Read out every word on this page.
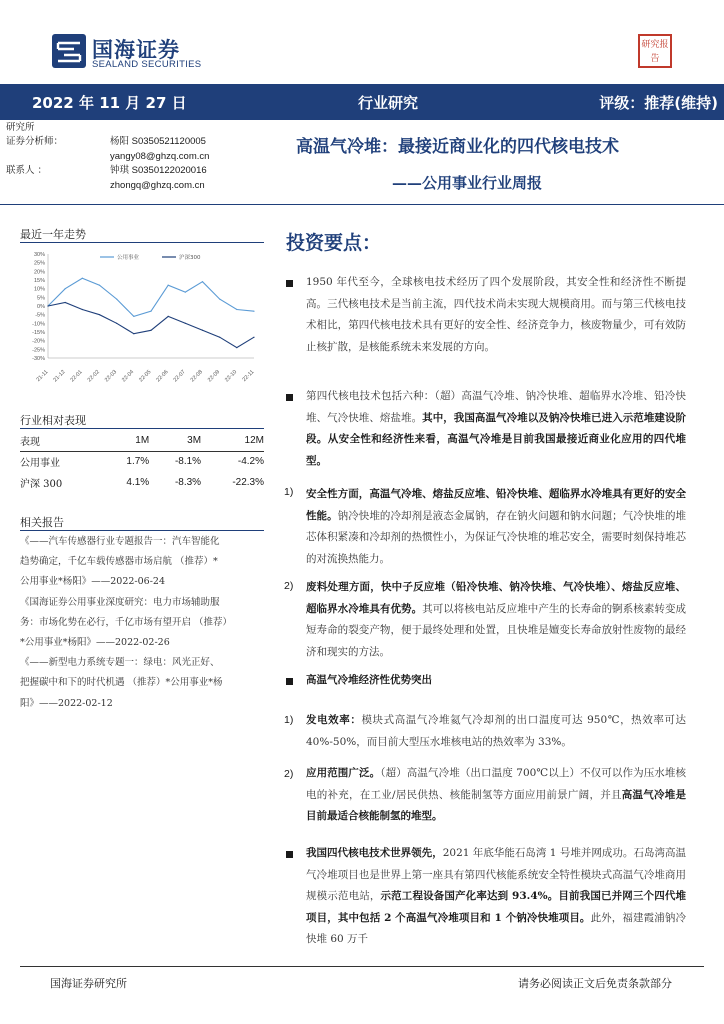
国海证券
SEALAND SECURITIES
研究报告
2022 年 11 月 27 日	行业研究	评级：推荐(维持)
研究所
证券分析师：	杨阳 S0350521120005
yangy08@ghzq.com.cn
联系人 ：	钟琪 S0350122020016
zhongq@ghzq.com.cn
高温气冷堆：最接近商业化的四代核电技术
——公用事业行业周报
最近一年走势
30%
25%
20%
15%
10%
5%
0%
-5%
-10%
-15%
-20%
-25%
-30%
21-11 21-12 22-01 22-02 22-03 22-04 22-05 22-06 22-07 22-08 22-09 22-10 22-11
公用事业	沪深300
行业相对表现
表现	1M	3M	12M
公用事业	1.7%	-8.1%	-4.2%
沪深 300	4.1%	-8.3%	-22.3%
相关报告
《——汽车传感器行业专题报告一：汽车智能化
趋势确定，千亿车载传感器市场启航 （推荐）*
公用事业*杨阳》——2022-06-24
《国海证券公用事业深度研究：电力市场辅助服
务：市场化势在必行，千亿市场有望开启 （推荐）
*公用事业*杨阳》——2022-02-26
《——新型电力系统专题一：绿电：风光正好、
把握碳中和下的时代机遇 （推荐）*公用事业*杨
阳》——2022-02-12
投资要点：
1950 年代至今，全球核电技术经历了四个发展阶段，其安全性和经济性不断提高。三代核电技术是当前主流，四代技术尚未实现大规模商用。而与第三代核电技术相比，第四代核电技术具有更好的安全性、经济竞争力，核废物量少，可有效防止核扩散，是核能系统未来发展的方向。
第四代核电技术包括六种：（超）高温气冷堆、钠冷快堆、超临界水冷堆、铅冷快堆、气冷快堆、熔盐堆。其中，我国高温气冷堆以及钠冷快堆已进入示范堆建设阶段。从安全性和经济性来看，高温气冷堆是目前我国最接近商业化应用的四代堆型。
1) 安全性方面，高温气冷堆、熔盐反应堆、铅冷快堆、超临界水冷堆具有更好的安全性能。钠冷快堆的冷却剂是液态金属钠，存在钠火问题和钠水问题；气冷快堆的堆芯体积紧凑和冷却剂的热惯性小，为保证气冷快堆的堆芯安全，需要时刻保持堆芯的对流换热能力。
2) 废料处理方面，快中子反应堆（铅冷快堆、钠冷快堆、气冷快堆）、熔盐反应堆、超临界水冷堆具有优势。其可以将核电站反应堆中产生的长寿命的锕系核素转变成短寿命的裂变产物，便于最终处理和处置，且快堆是嬗变长寿命放射性废物的最经济和现实的方法。
高温气冷堆经济性优势突出
1) 发电效率：模块式高温气冷堆氦气冷却剂的出口温度可达 950℃，热效率可达 40%-50%，而目前大型压水堆核电站的热效率为 33%。
2) 应用范围广泛。（超）高温气冷堆（出口温度 700℃以上）不仅可以作为压水堆核电的补充，在工业/居民供热、核能制氢等方面应用前景广阔，并且高温气冷堆是目前最适合核能制氢的堆型。
我国四代核电技术世界领先，2021 年底华能石岛湾 1 号堆并网成功。石岛湾高温气冷堆项目也是世界上第一座具有第四代核能系统安全特性模块式高温气冷堆商用规模示范电站，示范工程设备国产化率达到 93.4%。目前我国已并网三个四代堆项目，其中包括 2 个高温气冷堆项目和 1 个钠冷快堆项目。此外，福建霞浦钠冷快堆 60 万千
国海证券研究所	请务必阅读正文后免责条款部分
